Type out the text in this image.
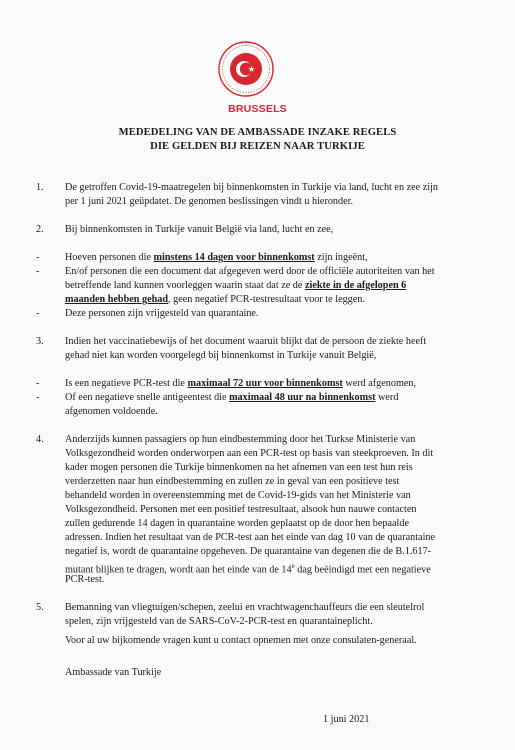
BRUSSELS
MEDEDELING VAN DE AMBASSADE INZAKE REGELS
DIE GELDEN BIJ REIZEN NAAR TURKIJE
1. De getroffen Covid-19-maatregelen bij binnenkomsten in Turkije via land, lucht en zee zijn
per 1 juni 2021 geüpdatet. De genomen beslissingen vindt u hieronder.
2. Bij binnenkomsten in Turkije vanuit België via land, lucht en zee,
-	Hoeven personen die minstens 14 dagen voor binnenkomst zijn ingeënt,
-	En/of personen die een document dat afgegeven werd door de officiële autoriteiten van het
betreffende land kunnen voorleggen waarin staat dat ze de ziekte in de afgelopen 6
maanden hebben gehad, geen negatief PCR-testresultaat voor te leggen.
-	Deze personen zijn vrijgesteld van quarantaine.
3. Indien het vaccinatiebewijs of het document waaruit blijkt dat de persoon de ziekte heeft
gehad niet kan worden voorgelegd bij binnenkomst in Turkije vanuit België,
-	Is een negatieve PCR-test die maximaal 72 uur voor binnenkomst werd afgenomen,
-	Of een negatieve snelle antigeentest die maximaal 48 uur na binnenkomst werd
afgenomen voldoende.
4. Anderzijds kunnen passagiers op hun eindbestemming door het Turkse Ministerie van
Volksgezondheid worden onderworpen aan een PCR-test op basis van steekproeven. In dit
kader mogen personen die Turkije binnenkomen na het afnemen van een test hun reis
verderzetten naar hun eindbestemming en zullen ze in geval van een positieve test
behandeld worden in overeenstemming met de Covid-19-gids van het Ministerie van
Volksgezondheid. Personen met een positief testresultaat, alsook hun nauwe contacten
zullen gedurende 14 dagen in quarantaine worden geplaatst op de door hen bepaalde
adressen. Indien het resultaat van de PCR-test aan het einde van dag 10 van de quarantaine
negatief is, wordt de quarantaine opgeheven. De quarantaine van degenen die de B.1.617-
mutant blijken te dragen, wordt aan het einde van de 14e dag beëindigd met een negatieve
PCR-test.
5. Bemanning van vliegtuigen/schepen, zeelui en vrachtwagenchauffeurs die een sleutelrol
spelen, zijn vrijgesteld van de SARS-CoV-2-PCR-test en quarantaineplicht.
Voor al uw bijkomende vragen kunt u contact opnemen met onze consulaten-generaal.
Ambassade van Turkije
1 juni 2021
